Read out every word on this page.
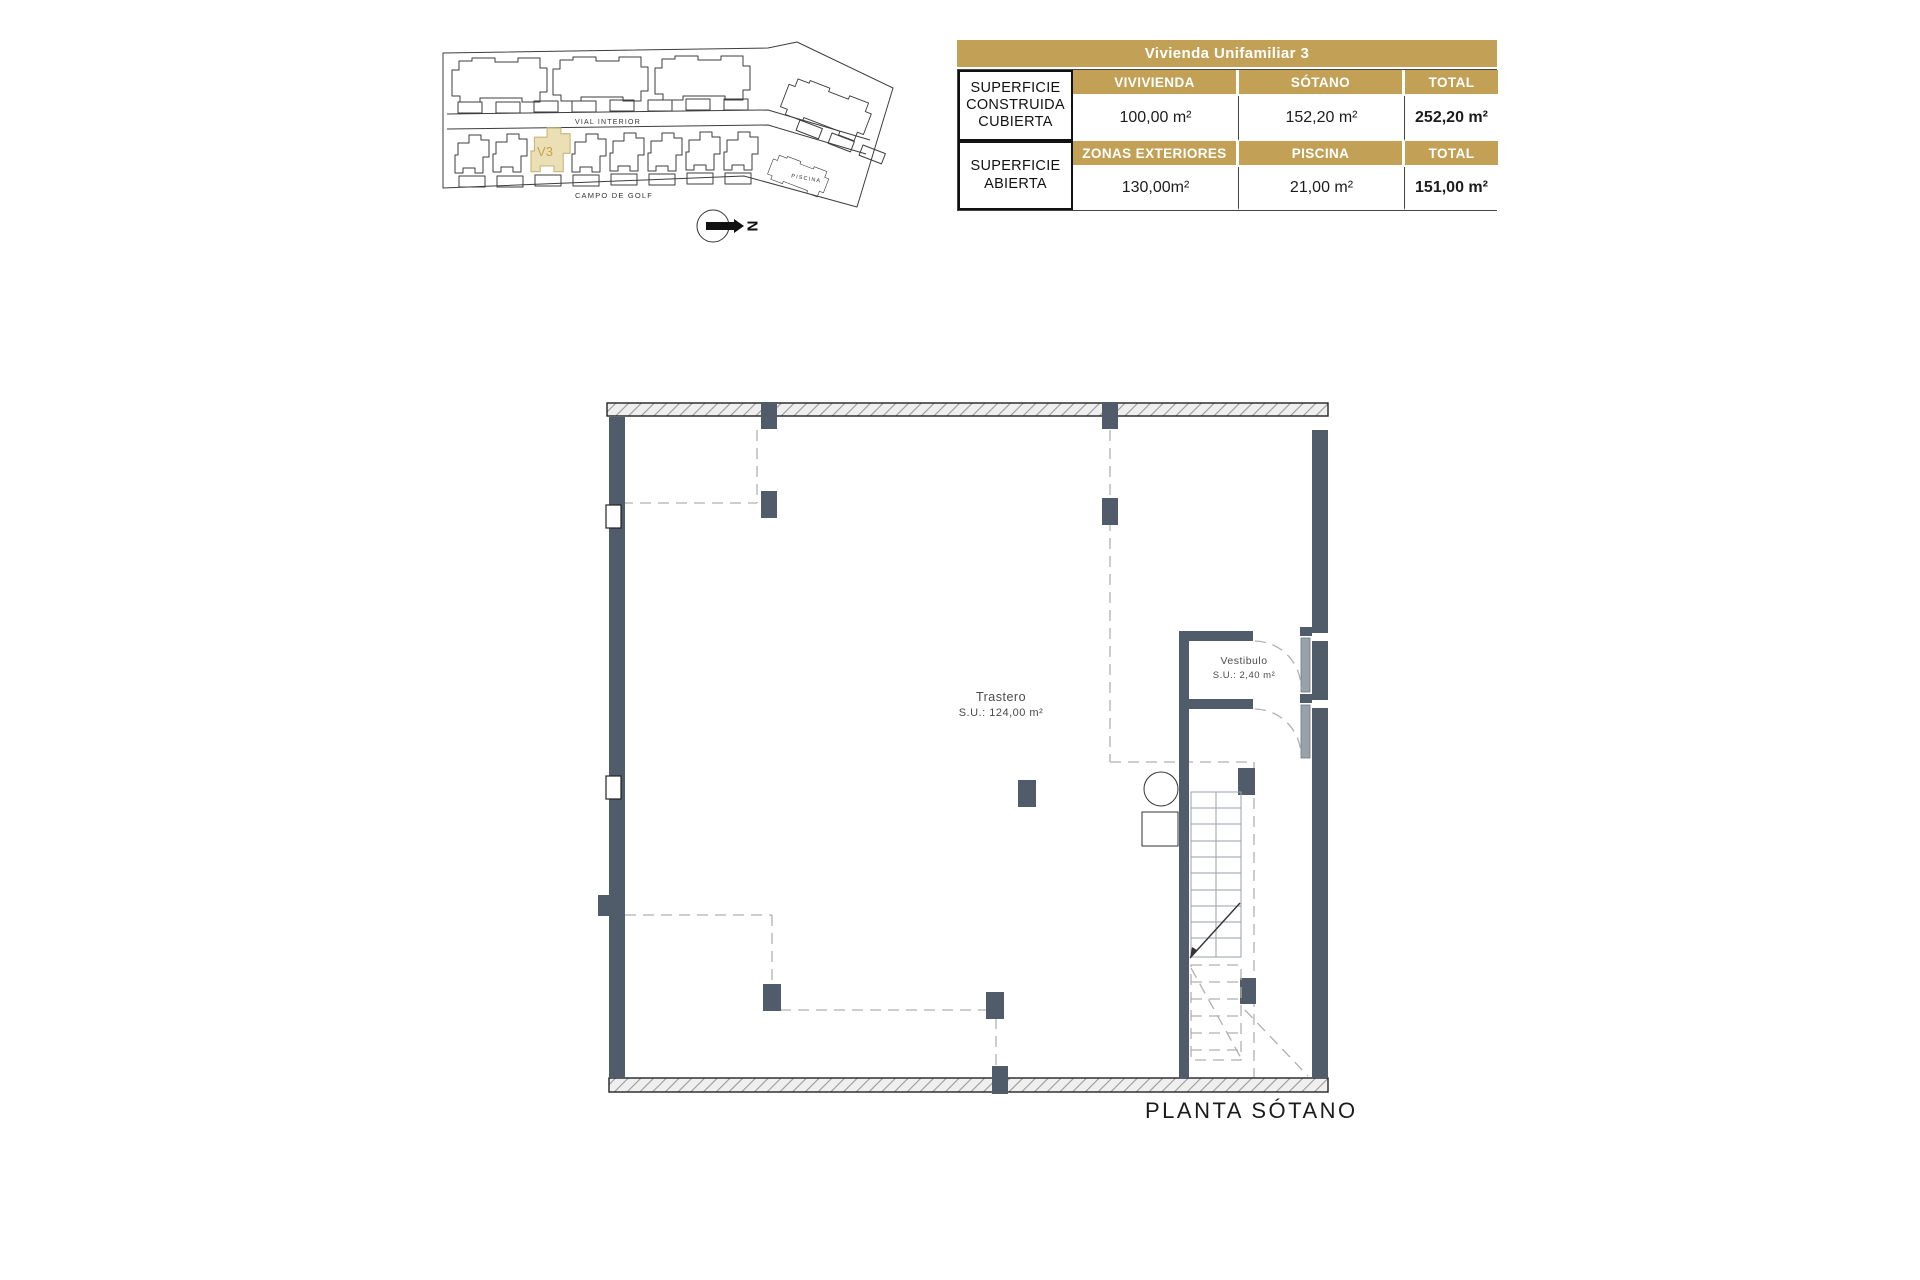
VIAL INTERIOR
CAMPO DE GOLF
PISCINA
V3
N
Trastero
S.U.: 124,00 m²
Vestibulo
S.U.: 2,40 m²
Vivienda Unifamiliar 3
SUPERFICIE CONSTRUIDA CUBIERTA
VIVIVIENDA	SÓTANO	TOTAL
100,00 m²	152,20 m²	252,20 m²
SUPERFICIE ABIERTA
ZONAS EXTERIORES	PISCINA	TOTAL
130,00m²	21,00 m²	151,00 m²
PLANTA SÓTANO
